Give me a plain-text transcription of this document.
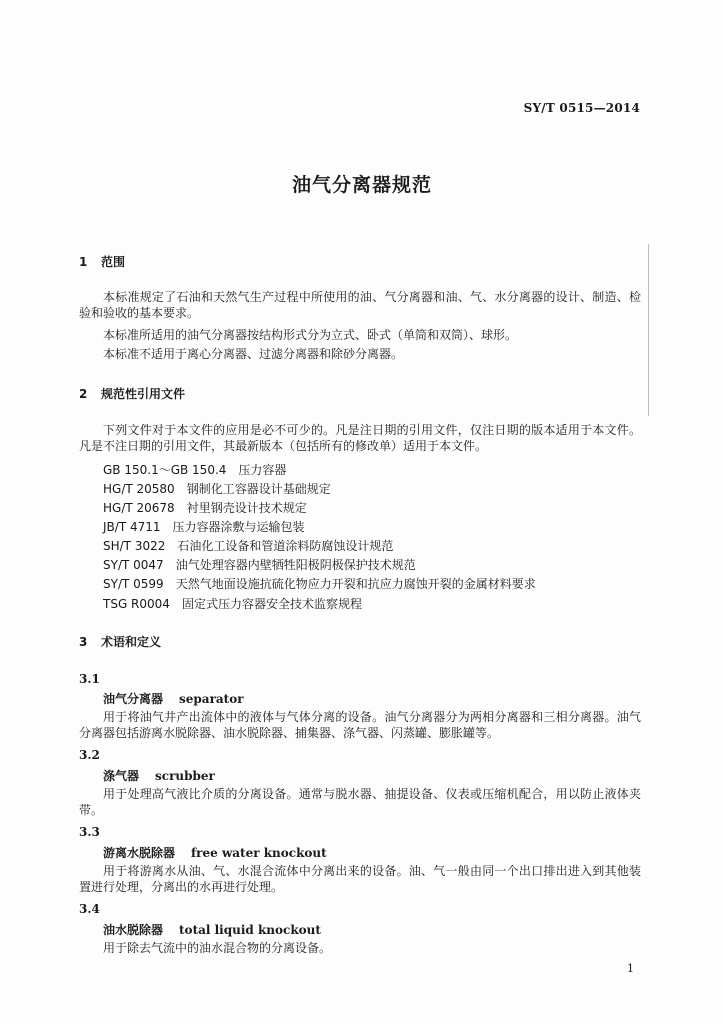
SY/T 0515—2014
油气分离器规范
1 范围
本标准规定了石油和天然气生产过程中所使用的油、气分离器和油、气、水分离器的设计、制造、检验和验收的基本要求。
本标准所适用的油气分离器按结构形式分为立式、卧式（单筒和双筒）、球形。
本标准不适用于离心分离器、过滤分离器和除砂分离器。
2 规范性引用文件
下列文件对于本文件的应用是必不可少的。凡是注日期的引用文件，仅注日期的版本适用于本文件。凡是不注日期的引用文件，其最新版本（包括所有的修改单）适用于本文件。
GB 150.1～GB 150.4 压力容器
HG/T 20580 钢制化工容器设计基础规定
HG/T 20678 衬里钢壳设计技术规定
JB/T 4711 压力容器涂敷与运输包装
SH/T 3022 石油化工设备和管道涂料防腐蚀设计规范
SY/T 0047 油气处理容器内壁牺牲阳极阴极保护技术规范
SY/T 0599 天然气地面设施抗硫化物应力开裂和抗应力腐蚀开裂的金属材料要求
TSG R0004 固定式压力容器安全技术监察规程
3 术语和定义
3.1
油气分离器 separator
用于将油气井产出流体中的液体与气体分离的设备。油气分离器分为两相分离器和三相分离器。油气分离器包括游离水脱除器、油水脱除器、捕集器、涤气器、闪蒸罐、膨胀罐等。
3.2
涤气器 scrubber
用于处理高气液比介质的分离设备。通常与脱水器、抽提设备、仪表或压缩机配合，用以防止液体夹带。
3.3
游离水脱除器 free water knockout
用于将游离水从油、气、水混合流体中分离出来的设备。油、气一般由同一个出口排出进入到其他装置进行处理，分离出的水再进行处理。
3.4
油水脱除器 total liquid knockout
用于除去气流中的油水混合物的分离设备。
1
